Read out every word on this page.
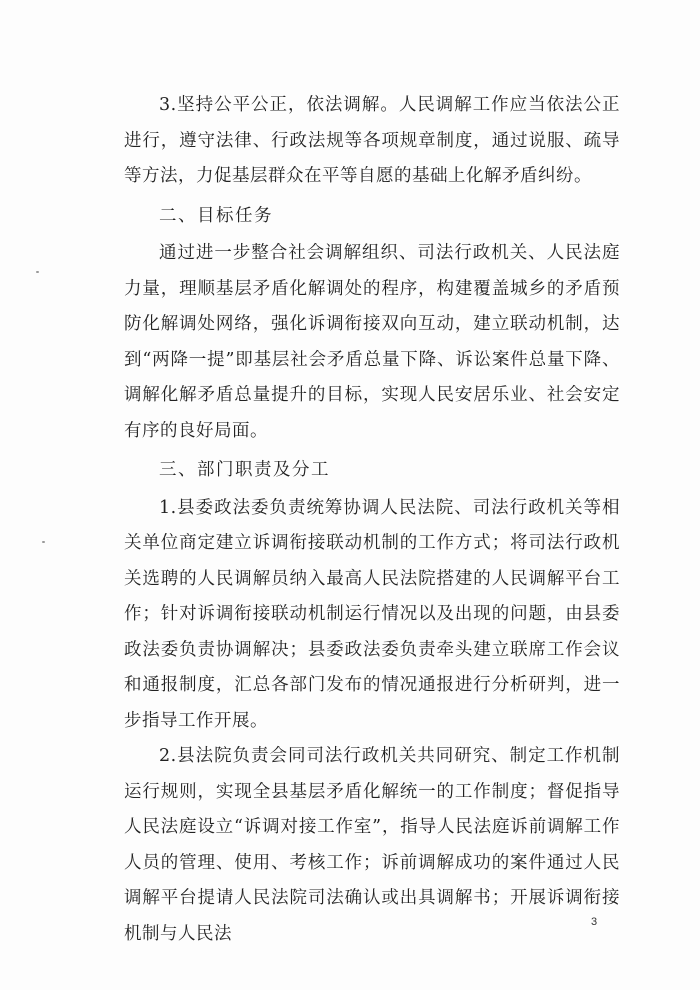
3.坚持公平公正，依法调解。人民调解工作应当依法公正进行，遵守法律、行政法规等各项规章制度，通过说服、疏导等方法，力促基层群众在平等自愿的基础上化解矛盾纠纷。

二、目标任务

通过进一步整合社会调解组织、司法行政机关、人民法庭力量，理顺基层矛盾化解调处的程序，构建覆盖城乡的矛盾预防化解调处网络，强化诉调衔接双向互动，建立联动机制，达到“两降一提”即基层社会矛盾总量下降、诉讼案件总量下降、调解化解矛盾总量提升的目标，实现人民安居乐业、社会安定有序的良好局面。

三、部门职责及分工

1.县委政法委负责统筹协调人民法院、司法行政机关等相关单位商定建立诉调衔接联动机制的工作方式；将司法行政机关选聘的人民调解员纳入最高人民法院搭建的人民调解平台工作；针对诉调衔接联动机制运行情况以及出现的问题，由县委政法委负责协调解决；县委政法委负责牵头建立联席工作会议和通报制度，汇总各部门发布的情况通报进行分析研判，进一步指导工作开展。

2.县法院负责会同司法行政机关共同研究、制定工作机制运行规则，实现全县基层矛盾化解统一的工作制度；督促指导人民法庭设立“诉调对接工作室”，指导人民法庭诉前调解工作人员的管理、使用、考核工作；诉前调解成功的案件通过人民调解平台提请人民法院司法确认或出具调解书；开展诉调衔接机制与人民法

3
